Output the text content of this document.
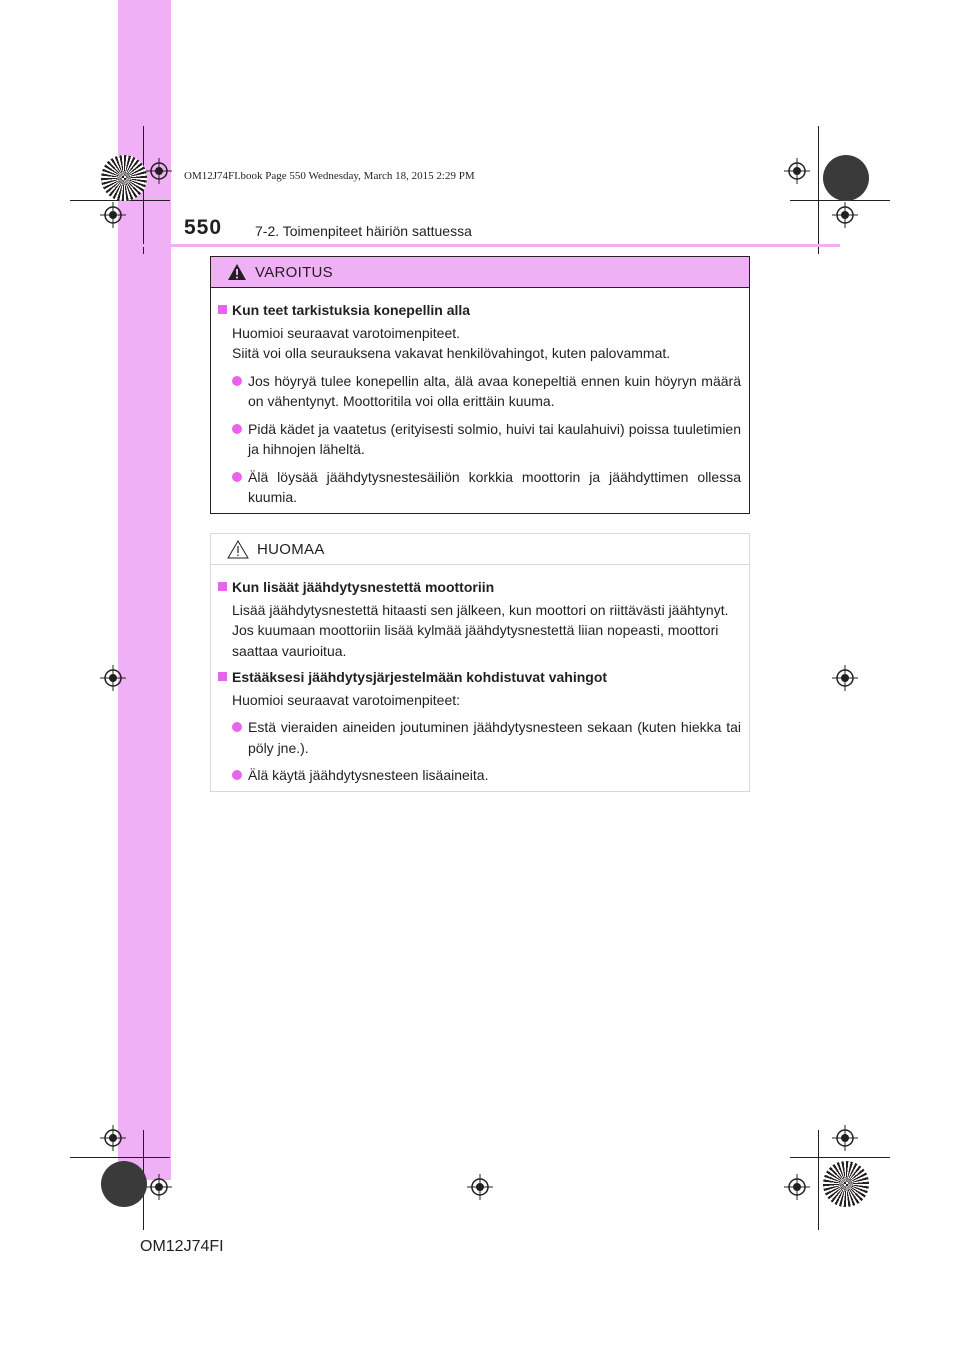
OM12J74FI.book Page 550 Wednesday, March 18, 2015 2:29 PM
550 7-2. Toimenpiteet häiriön sattuessa
VAROITUS
Kun teet tarkistuksia konepellin alla
Huomioi seuraavat varotoimenpiteet.
Siitä voi olla seurauksena vakavat henkilövahingot, kuten palovammat.
Jos höyryä tulee konepellin alta, älä avaa konepeltiä ennen kuin höyryn määrä on vähentynyt. Moottoritila voi olla erittäin kuuma.
Pidä kädet ja vaatetus (erityisesti solmio, huivi tai kaulahuivi) poissa tuuletimien ja hihnojen läheltä.
Älä löysää jäähdytysnestesäiliön korkkia moottorin ja jäähdyttimen ollessa kuumia.
HUOMAA
Kun lisäät jäähdytysnestettä moottoriin
Lisää jäähdytysnestettä hitaasti sen jälkeen, kun moottori on riittävästi jäähtynyt. Jos kuumaan moottoriin lisää kylmää jäähdytysnestettä liian nopeasti, moottori saattaa vaurioitua.
Estääksesi jäähdytysjärjestelmään kohdistuvat vahingot
Huomioi seuraavat varotoimenpiteet:
Estä vieraiden aineiden joutuminen jäähdytysnesteen sekaan (kuten hiekka tai pöly jne.).
Älä käytä jäähdytysnesteen lisäaineita.
OM12J74FI
